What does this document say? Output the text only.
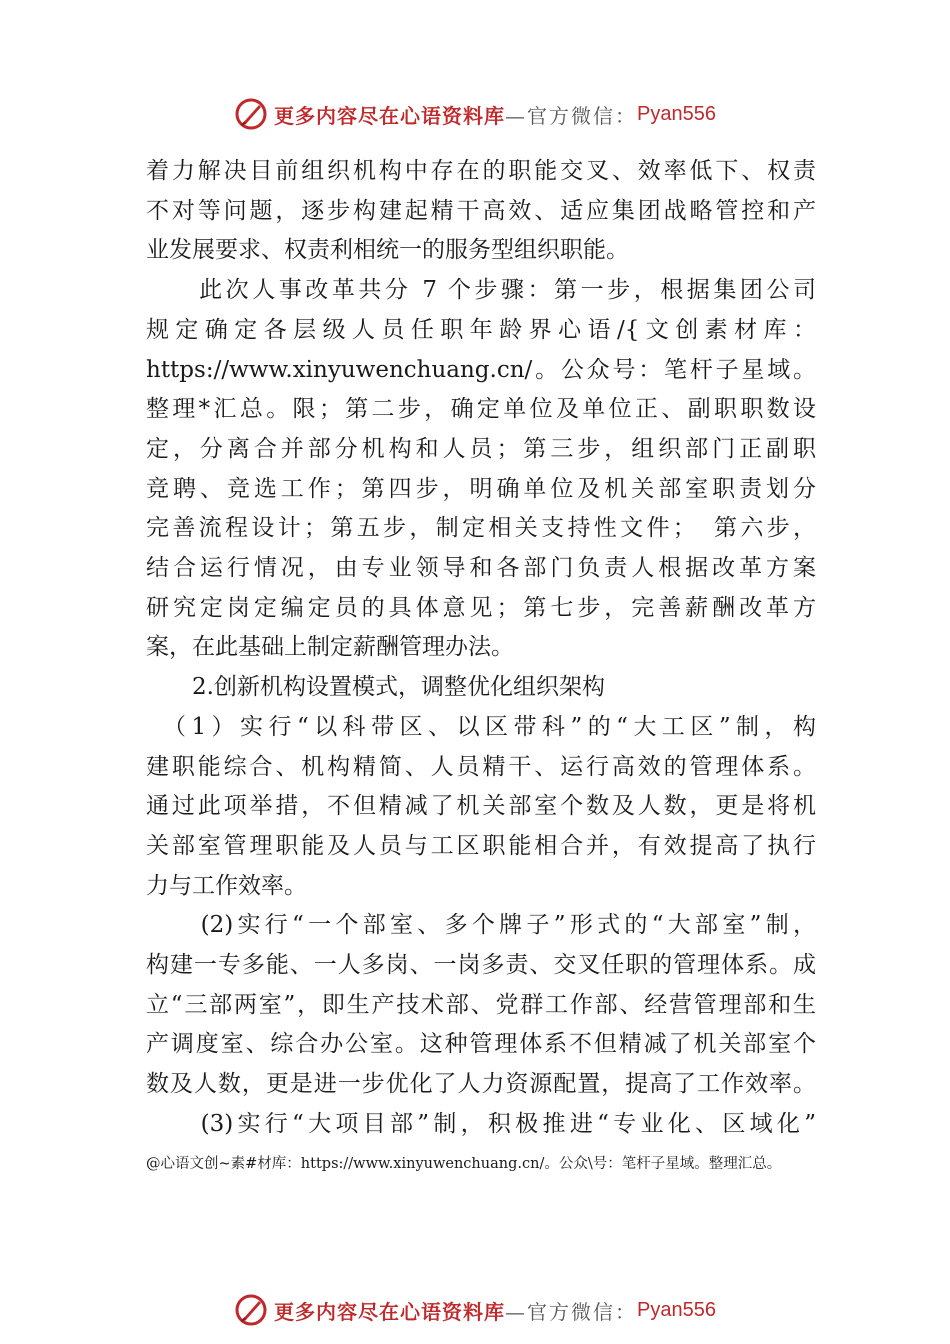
更多内容尽在心语资料库 —官方微信： Pyan556
着力解决目前组织机构中存在的职能交叉、效率低下、权责
不对等问题，逐步构建起精干高效、适应集团战略管控和产
业发展要求、权责利相统一的服务型组织职能。
　　此次人事改革共分 7 个步骤：第一步，根据集团公司
规定确定各层级人员任职年龄界心语/{文创素材库：
https://www.xinyuwenchuang.cn/。公众号：笔杆子星域。
整理*汇总。限；第二步，确定单位及单位正、副职职数设
定，分离合并部分机构和人员；第三步，组织部门正副职
竞聘、竞选工作；第四步，明确单位及机关部室职责划分
完善流程设计；第五步，制定相关支持性文件；　第六步，
结合运行情况，由专业领导和各部门负责人根据改革方案
研究定岗定编定员的具体意见；第七步，完善薪酬改革方
案，在此基础上制定薪酬管理办法。
　　2.创新机构设置模式，调整优化组织架构
　（1）实行“以科带区、以区带科”的“大工区”制，构
建职能综合、机构精简、人员精干、运行高效的管理体系。
通过此项举措，不但精减了机关部室个数及人数，更是将机
关部室管理职能及人员与工区职能相合并，有效提高了执行
力与工作效率。
　　(2)实行“一个部室、多个牌子”形式的“大部室”制，
构建一专多能、一人多岗、一岗多责、交叉任职的管理体系。成
立“三部两室”，即生产技术部、党群工作部、经营管理部和生
产调度室、综合办公室。这种管理体系不但精减了机关部室个
数及人数，更是进一步优化了人力资源配置，提高了工作效率。
　　(3)实行“大项目部”制，积极推进“专业化、区域化”
@心语文创~素#材库：https://www.xinyuwenchuang.cn/。公众\号：笔杆子星域。整理汇总。
更多内容尽在心语资料库 —官方微信： Pyan556
